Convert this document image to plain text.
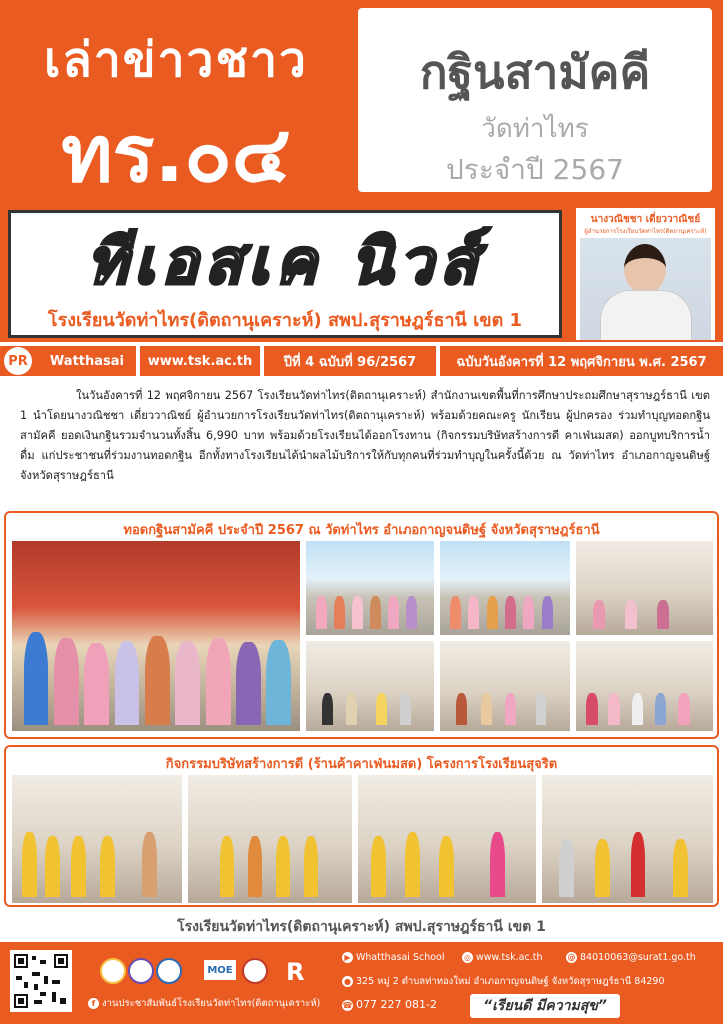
เล่าข่าวชาว
ทร.๐๔
กฐินสามัคคี
วัดท่าไทร
ประจำปี 2567
ทีเอสเค นิวส์
โรงเรียนวัดท่าไทร(ดิตถานุเคราะห์) สพป.สุราษฎร์ธานี เขต 1
นางวณิชชา เดี่ยววาณิชย์
ผู้อำนวยการโรงเรียนวัดท่าไทร(ดิตถานุเคราะห์)
Watthasai
PR	www.tsk.ac.th	ปีที่ 4 ฉบับที่ 96/2567	ฉบับวันอังคารที่ 12 พฤศจิกายน พ.ศ. 2567
ในวันอังคารที่ 12 พฤศจิกายน 2567 โรงเรียนวัดท่าไทร(ดิตถานุเคราะห์) สำนักงานเขตพื้นที่การศึกษาประถมศึกษาสุราษฎร์ธานี เขต 1 นำโดยนางวณิชชา เดี่ยววาณิชย์ ผู้อำนวยการโรงเรียนวัดท่าไทร(ดิตถานุเคราะห์) พร้อมด้วยคณะครู นักเรียน ผู้ปกครอง ร่วมทำบุญทอดกฐินสามัคคี ยอดเงินกฐินรวมจำนวนทั้งสิ้น 6,990 บาท พร้อมด้วยโรงเรียนได้ออกโรงทาน (กิจกรรมบริษัทสร้างการดี คาเฟ่นมสด) ออกบูทบริการน้ำดื่ม แก่ประชาชนที่ร่วมงานทอดกฐิน อีกทั้งทางโรงเรียนได้นำผลไม้บริการให้กับทุกคนที่ร่วมทำบุญในครั้งนี้ด้วย ณ วัดท่าไทร อำเภอกาญจนดิษฐ์ จังหวัดสุราษฎร์ธานี
ทอดกฐินสามัคคี ประจำปี 2567 ณ วัดท่าไทร อำเภอกาญจนดิษฐ์ จังหวัดสุราษฎร์ธานี
กิจกรรมบริษัทสร้างการดี (ร้านค้าคาเฟ่นมสด) โครงการโรงเรียนสุจริต
โรงเรียนวัดท่าไทร(ดิตถานุเคราะห์) สพป.สุราษฎร์ธานี เขต 1
MOE R
f งานประชาสัมพันธ์โรงเรียนวัดท่าไทร(ดิตถานุเคราะห์)
▶ Whatthasai School ◎ www.tsk.ac.th	@ 84010063@surat1.go.th
● 325 หมู่ 2 ตำบลท่าทองใหม่ อำเภอกาญจนดิษฐ์ จังหวัดสุราษฎร์ธานี 84290
☎ 077 227 081-2	“เรียนดี มีความสุข”
